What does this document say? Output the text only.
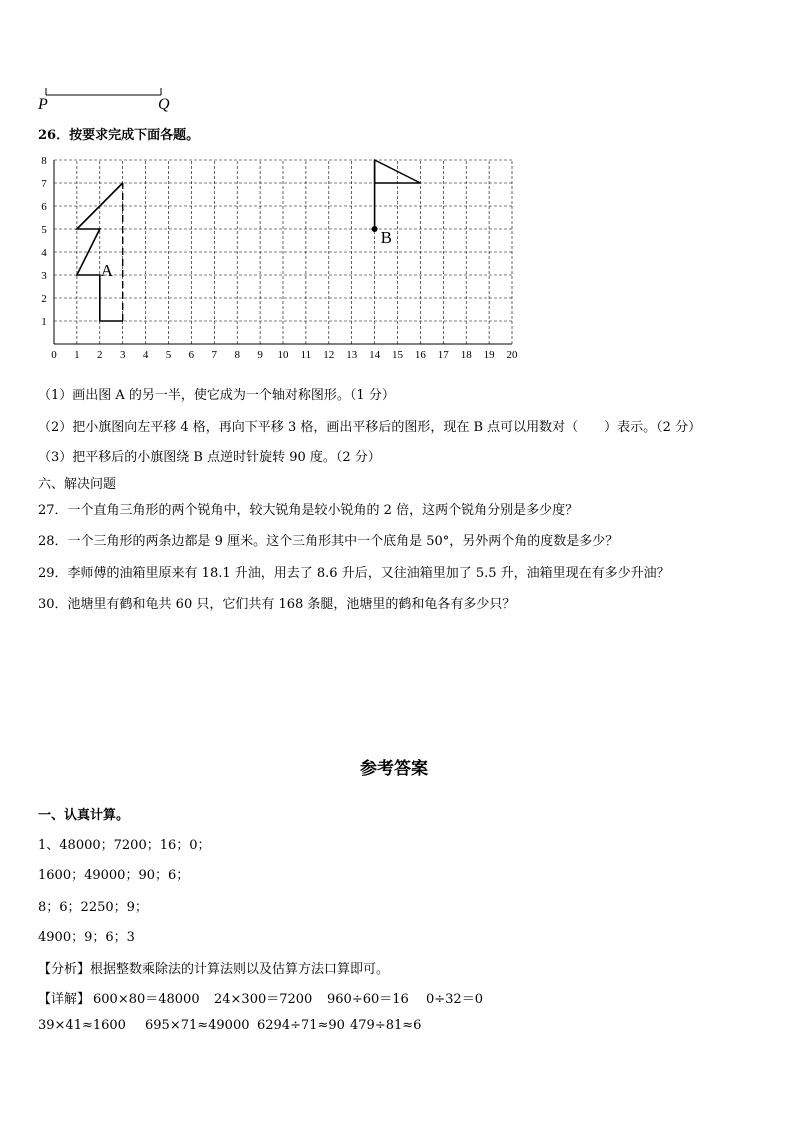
P	Q
26．按要求完成下面各题。
0 1 2 3 4 5 6 7 8 9 10 11 12 13 14 15 16 17 18 19 20
1
2
3
4
5
6
7
8
A
B
（1）画出图 A 的另一半，使它成为一个轴对称图形。（1 分）
（2）把小旗图向左平移 4 格，再向下平移 3 格，画出平移后的图形，现在 B 点可以用数对（　　）表示。（2 分）
（3）把平移后的小旗图绕 B 点逆时针旋转 90 度。（2 分）
六、解决问题
27．一个直角三角形的两个锐角中，较大锐角是较小锐角的 2 倍，这两个锐角分别是多少度？
28．一个三角形的两条边都是 9 厘米。这个三角形其中一个底角是 50°，另外两个角的度数是多少？
29．李师傅的油箱里原来有 18.1 升油，用去了 8.6 升后，又往油箱里加了 5.5 升，油箱里现在有多少升油？
30．池塘里有鹤和龟共 60 只，它们共有 168 条腿，池塘里的鹤和龟各有多少只？
参考答案
一、认真计算。
1、48000；7200；16；0；
1600；49000；90；6；
8；6；2250；9；
4900；9；6；3
【分析】根据整数乘除法的计算法则以及估算方法口算即可。
【详解】 600×80＝48000 24×300＝7200 960÷60＝16 0÷32＝0
39×41≈1600 695×71≈49000 6294÷71≈90 479÷81≈6
